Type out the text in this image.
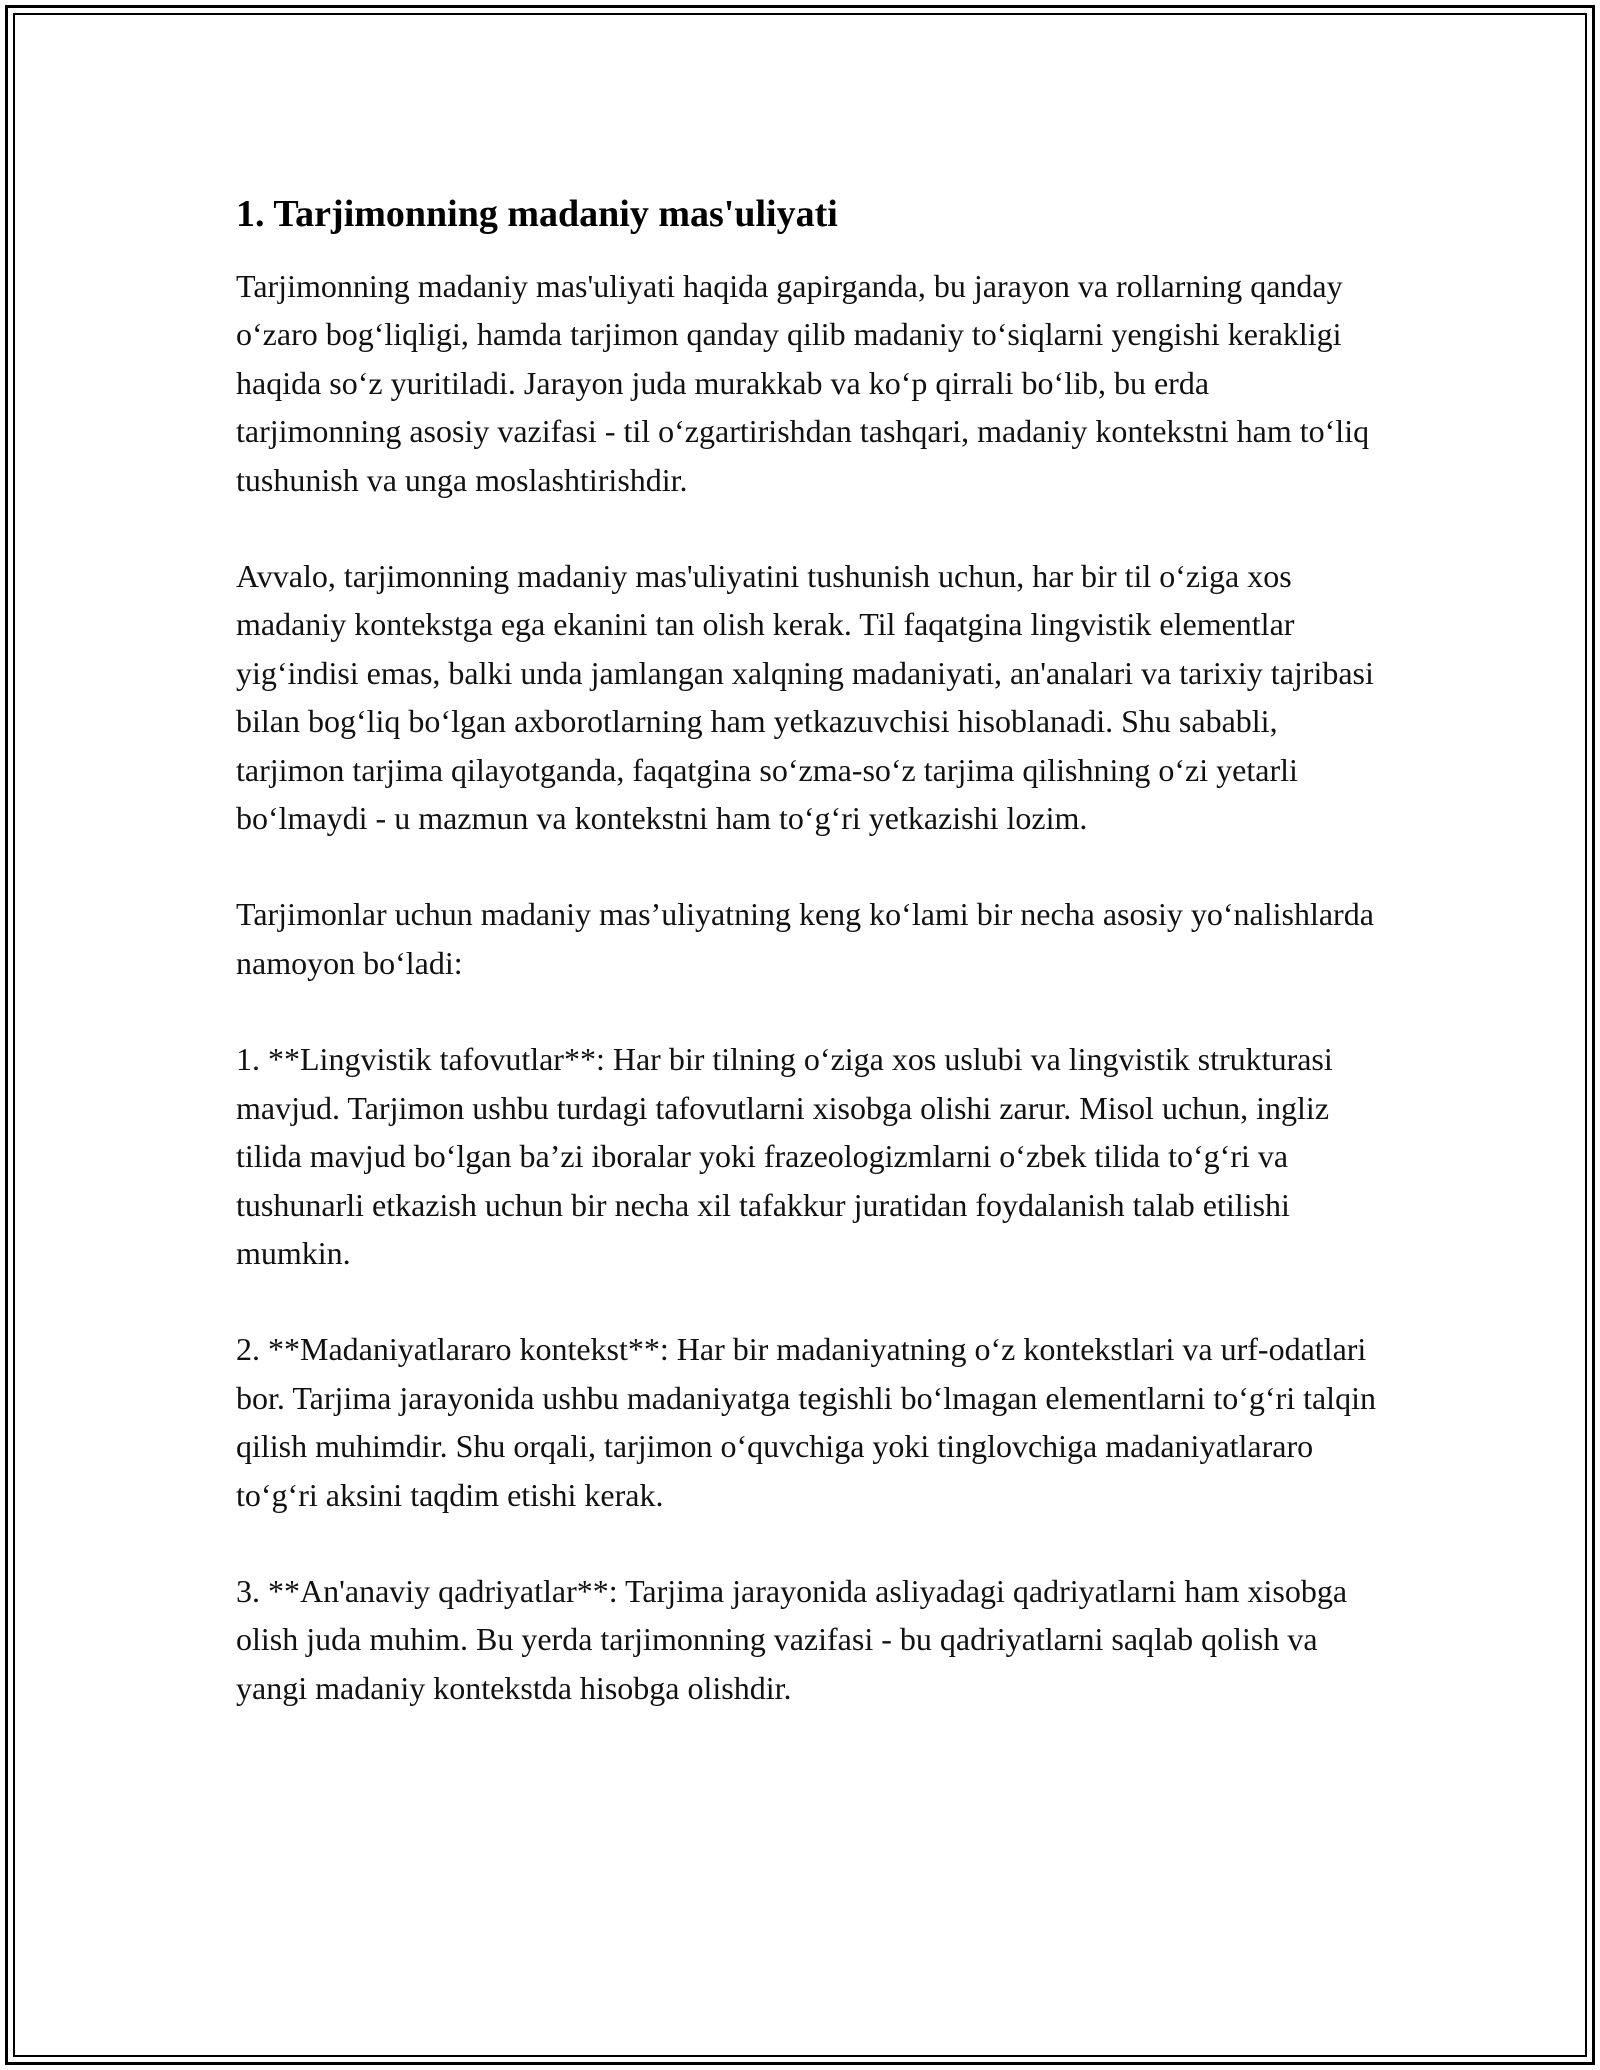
1. Tarjimonning madaniy mas'uliyati

Tarjimonning madaniy mas'uliyati haqida gapirganda, bu jarayon va rollarning qanday o‘zaro bog‘liqligi, hamda tarjimon qanday qilib madaniy to‘siqlarni yengishi kerakligi haqida so‘z yuritiladi. Jarayon juda murakkab va ko‘p qirrali bo‘lib, bu erda tarjimonning asosiy vazifasi - til o‘zgartirishdan tashqari, madaniy kontekstni ham to‘liq tushunish va unga moslashtirishdir.

Avvalo, tarjimonning madaniy mas'uliyatini tushunish uchun, har bir til o‘ziga xos madaniy kontekstga ega ekanini tan olish kerak. Til faqatgina lingvistik elementlar yig‘indisi emas, balki unda jamlangan xalqning madaniyati, an'analari va tarixiy tajribasi bilan bog‘liq bo‘lgan axborotlarning ham yetkazuvchisi hisoblanadi. Shu sababli, tarjimon tarjima qilayotganda, faqatgina so‘zma-so‘z tarjima qilishning o‘zi yetarli bo‘lmaydi - u mazmun va kontekstni ham to‘g‘ri yetkazishi lozim.

Tarjimonlar uchun madaniy mas’uliyatning keng ko‘lami bir necha asosiy yo‘nalishlarda namoyon bo‘ladi:

1. **Lingvistik tafovutlar**: Har bir tilning o‘ziga xos uslubi va lingvistik strukturasi mavjud. Tarjimon ushbu turdagi tafovutlarni xisobga olishi zarur. Misol uchun, ingliz tilida mavjud bo‘lgan ba’zi iboralar yoki frazeologizmlarni o‘zbek tilida to‘g‘ri va tushunarli etkazish uchun bir necha xil tafakkur juratidan foydalanish talab etilishi mumkin.

2. **Madaniyatlararo kontekst**: Har bir madaniyatning o‘z kontekstlari va urf-odatlari bor. Tarjima jarayonida ushbu madaniyatga tegishli bo‘lmagan elementlarni to‘g‘ri talqin qilish muhimdir. Shu orqali, tarjimon o‘quvchiga yoki tinglovchiga madaniyatlararo to‘g‘ri aksini taqdim etishi kerak.

3. **An'anaviy qadriyatlar**: Tarjima jarayonida asliyadagi qadriyatlarni ham xisobga olish juda muhim. Bu yerda tarjimonning vazifasi - bu qadriyatlarni saqlab qolish va yangi madaniy kontekstda hisobga olishdir.
